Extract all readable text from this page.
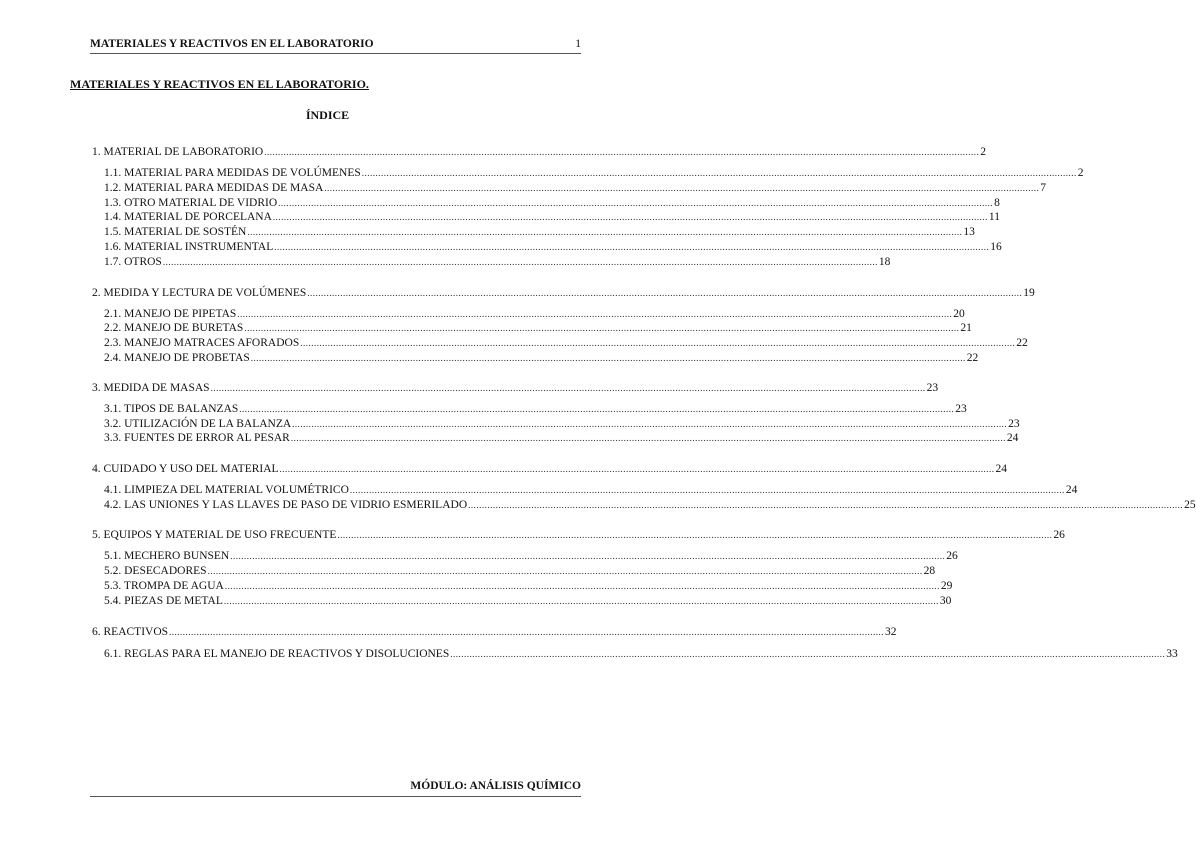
MATERIALES Y REACTIVOS EN EL LABORATORIO	1
MATERIALES Y REACTIVOS EN EL LABORATORIO.
ÍNDICE
1. MATERIAL DE LABORATORIO .................................................................................................................................................................................................................................................................... 2
1.1. MATERIAL PARA MEDIDAS DE VOLÚMENES .................................................................................................................................................................................................................................................................... 2
1.2. MATERIAL PARA MEDIDAS DE MASA .................................................................................................................................................................................................................................................................... 7
1.3. OTRO MATERIAL DE VIDRIO .................................................................................................................................................................................................................................................................... 8
1.4. MATERIAL DE PORCELANA .................................................................................................................................................................................................................................................................... 11
1.5. MATERIAL DE SOSTÉN .................................................................................................................................................................................................................................................................... 13
1.6. MATERIAL INSTRUMENTAL .................................................................................................................................................................................................................................................................... 16
1.7. OTROS .................................................................................................................................................................................................................................................................... 18
2. MEDIDA Y LECTURA DE VOLÚMENES .................................................................................................................................................................................................................................................................... 19
2.1. MANEJO DE PIPETAS .................................................................................................................................................................................................................................................................... 20
2.2. MANEJO DE BURETAS .................................................................................................................................................................................................................................................................... 21
2.3. MANEJO MATRACES AFORADOS .................................................................................................................................................................................................................................................................... 22
2.4. MANEJO DE PROBETAS .................................................................................................................................................................................................................................................................... 22
3. MEDIDA DE MASAS .................................................................................................................................................................................................................................................................... 23
3.1. TIPOS DE BALANZAS .................................................................................................................................................................................................................................................................... 23
3.2. UTILIZACIÓN DE LA BALANZA .................................................................................................................................................................................................................................................................... 23
3.3. FUENTES DE ERROR AL PESAR .................................................................................................................................................................................................................................................................... 24
4. CUIDADO Y USO DEL MATERIAL .................................................................................................................................................................................................................................................................... 24
4.1. LIMPIEZA DEL MATERIAL VOLUMÉTRICO .................................................................................................................................................................................................................................................................... 24
4.2. LAS UNIONES Y LAS LLAVES DE PASO DE VIDRIO ESMERILADO .................................................................................................................................................................................................................................................................... 25
5. EQUIPOS Y MATERIAL DE USO FRECUENTE .................................................................................................................................................................................................................................................................... 26
5.1. MECHERO BUNSEN .................................................................................................................................................................................................................................................................... 26
5.2. DESECADORES .................................................................................................................................................................................................................................................................... 28
5.3. TROMPA DE AGUA .................................................................................................................................................................................................................................................................... 29
5.4. PIEZAS DE METAL .................................................................................................................................................................................................................................................................... 30
6. REACTIVOS .................................................................................................................................................................................................................................................................... 32
6.1. REGLAS PARA EL MANEJO DE REACTIVOS Y DISOLUCIONES .................................................................................................................................................................................................................................................................... 33
MÓDULO: ANÁLISIS QUÍMICO
